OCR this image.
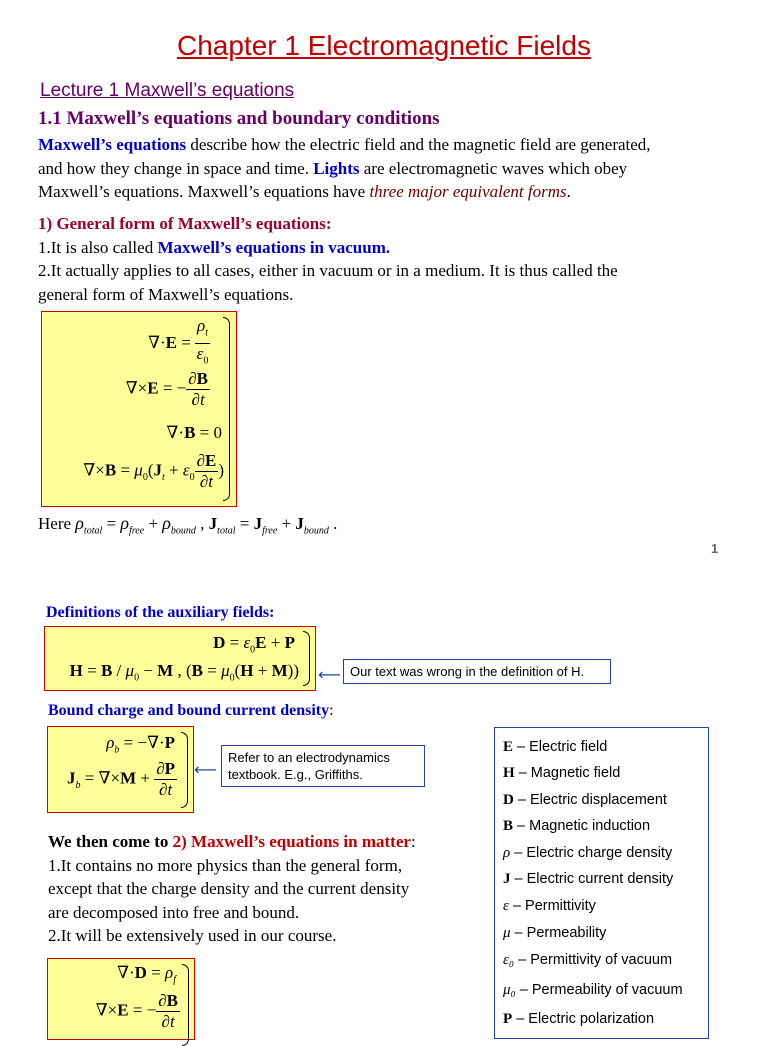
Chapter 1 Electromagnetic Fields
Lecture 1 Maxwell’s equations
1.1 Maxwell’s equations and boundary conditions
Maxwell’s equations describe how the electric field and the magnetic field are generated,
and how they change in space and time. Lights are electromagnetic waves which obey
Maxwell’s equations. Maxwell’s equations have three major equivalent forms.
1) General form of Maxwell’s equations:
1.It is also called Maxwell’s equations in vacuum.
2.It actually applies to all cases, either in vacuum or in a medium. It is thus called the
general form of Maxwell’s equations.
$\nabla\cdot E = \frac{\rho_t}{\varepsilon_0}$
∇×E = − $\frac{\partial B}{\partial t}$
∇·B = 0
$\nabla\times B = \mu_0(J_t + \varepsilon_0 \frac{\partial E}{\partial t}$ )
Here $\rho_{total} = \rho_{free} + \rho_{bound}$ , $J_{total} = J_{free} + J_{bound}$ .
1
Definitions of the auxiliary fields:
$D = \varepsilon_0E + P$
$H = B / \mu_0 - M$ , $(B = \mu_0(H + M))$ ⟵ Our text was wrong in the definition of H.
Bound charge and bound current density:
$\rho_b = -\nabla\cdot P$
$J_b = \nabla\times M + \frac{\partial P}{\partial t}$ ⟵
Refer to an electrodynamics textbook. E.g., Griffiths.
We then come to 2) Maxwell’s equations in matter:
1.It contains no more physics than the general form,
except that the charge density and the current density
are decomposed into free and bound.
2.It will be extensively used in our course.
$\nabla\cdot D = \rho_f$
∇×E = − $\frac{\partial B}{\partial t}$
E – Electric field
H – Magnetic field
D – Electric displacement
B – Magnetic induction
ρ – Electric charge density
J – Electric current density
ε – Permittivity
μ – Permeability
ε₀ – Permittivity of vacuum
μ₀ – Permeability of vacuum
P – Electric polarization
